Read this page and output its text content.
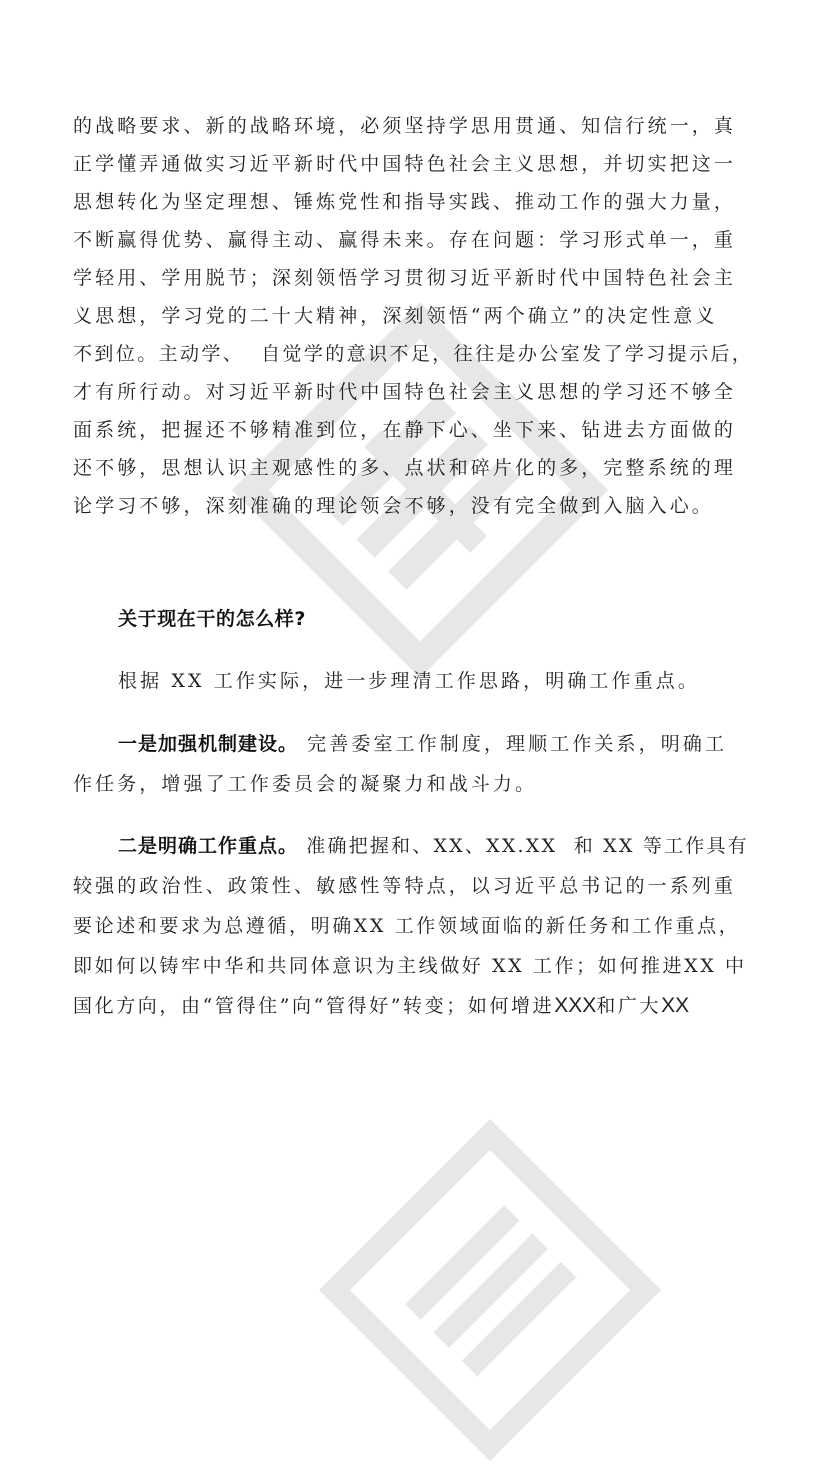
的战略要求、新的战略环境，必须坚持学思用贯通、知信行统一，真
正学懂弄通做实习近平新时代中国特色社会主义思想，并切实把这一
思想转化为坚定理想、锤炼党性和指导实践、推动工作的强大力量，
不断赢得优势、赢得主动、赢得未来。存在问题：学习形式单一，重
学轻用、学用脱节；深刻领悟学习贯彻习近平新时代中国特色社会主
义思想，学习党的二十大精神，深刻领悟“两个确立”的决定性意义
不到位。主动学、  自觉学的意识不足，往往是办公室发了学习提示后，
才有所行动。对习近平新时代中国特色社会主义思想的学习还不够全
面系统，把握还不够精准到位，在静下心、坐下来、钻进去方面做的
还不够，思想认识主观感性的多、点状和碎片化的多，完整系统的理
论学习不够，深刻准确的理论领会不够，没有完全做到入脑入心。
关于现在干的怎么样?
根据 XX 工作实际，进一步理清工作思路，明确工作重点。
一是加强机制建设。 完善委室工作制度，理顺工作关系，明确工
作任务，增强了工作委员会的凝聚力和战斗力。
二是明确工作重点。 准确把握和、XX、XX.XX  和 XX 等工作具有
较强的政治性、政策性、敏感性等特点，以习近平总书记的一系列重
要论述和要求为总遵循，明确XX 工作领域面临的新任务和工作重点，
即如何以铸牢中华和共同体意识为主线做好 XX 工作；如何推进XX 中
国化方向，由“管得住”向“管得好”转变；如何增进XXX和广大XX
